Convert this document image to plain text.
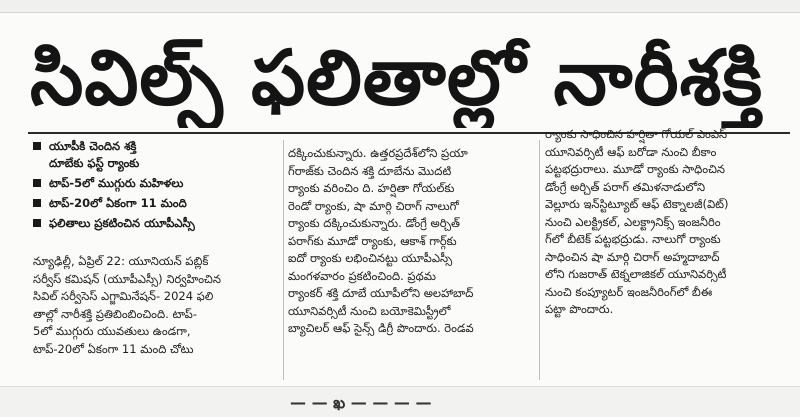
సివిల్స్ ఫలితాల్లో నారీశక్తి
యూపీకి చెందిన శక్తి
దూబేకు ఫస్ట్ ర్యాంకు
టాప్-5లో ముగ్గురు మహిళలు
టాప్-20లో ఏకంగా 11 మంది
ఫలితాలు ప్రకటించిన యూపీఎస్సీ
న్యూఢిల్లీ, ఏప్రిల్ 22: యూనియన్ పబ్లిక్
సర్వీస్ కమిషన్ (యూపీఎస్సీ) నిర్వహించిన
సివిల్ సర్వీసెస్ ఎగ్జామినేషన్- 2024 ఫలి
తాల్లో నారీశక్తి ప్రతిబింబించింది. టాప్-
5లో ముగ్గురు యువతులు ఉండగా,
టాప్-20లో ఏకంగా 11 మంది చోటు
దక్కించుకున్నారు. ఉత్తరప్రదేశ్‌లోని ప్రయా
గ్‌రాజ్‌కు చెందిన శక్తి దూబేను మొదటి
ర్యాంకు వరించిం ది. హర్షితా గోయల్‌కు
రెండో ర్యాంకు, షా మార్గి చిరాగ్ నాలుగో
ర్యాంకు దక్కించుకున్నారు. డోంగ్రే అర్చిత్
పరాగ్‌కు మూడో ర్యాంకు, ఆకాశ్ గార్గ్‌కు
ఐదో ర్యాంకు లభించినట్టు యూపీఎస్సీ
మంగళవారం ప్రకటించింది. ప్రథమ
ర్యాంకర్ శక్తి దూబే యూపీలోని అలహాబాద్
యూనివర్సిటీ నుంచి బయోకెమిస్ట్రీలో
బ్యాచిలర్ ఆఫ్ సైన్స్ డిగ్రీ పొందారు. రెండవ
ర్యాంకు సాధించిన హర్షితా గోయల్ ఎంఎస్
యూనివర్సిటీ ఆఫ్ బరోడా నుంచి బీకాం
పట్టభద్రురాలు. మూడో ర్యాంకు సాధించిన
డోంగ్రే అర్చిత్ పరాగ్ తమిళనాడులోని
వెల్లూరు ఇన్‌స్టిట్యూట్ ఆఫ్ టెక్నాలజీ(విట్)
నుంచి ఎలక్ట్రికల్, ఎలక్ట్రానిక్స్ ఇంజనీరిం
గ్‌లో బీటెక్ పట్టభద్రుడు. నాలుగో ర్యాంకు
సాధించిన షా మార్గి చిరాగ్ అహ్మదాబాద్
లోని గుజరాత్ టెక్నలాజికల్ యూనివర్సిటీ
నుంచి కంప్యూటర్ ఇంజనీరింగ్‌లో బీఈ
పట్టా పొందారు.
— — ఖ — — — —
